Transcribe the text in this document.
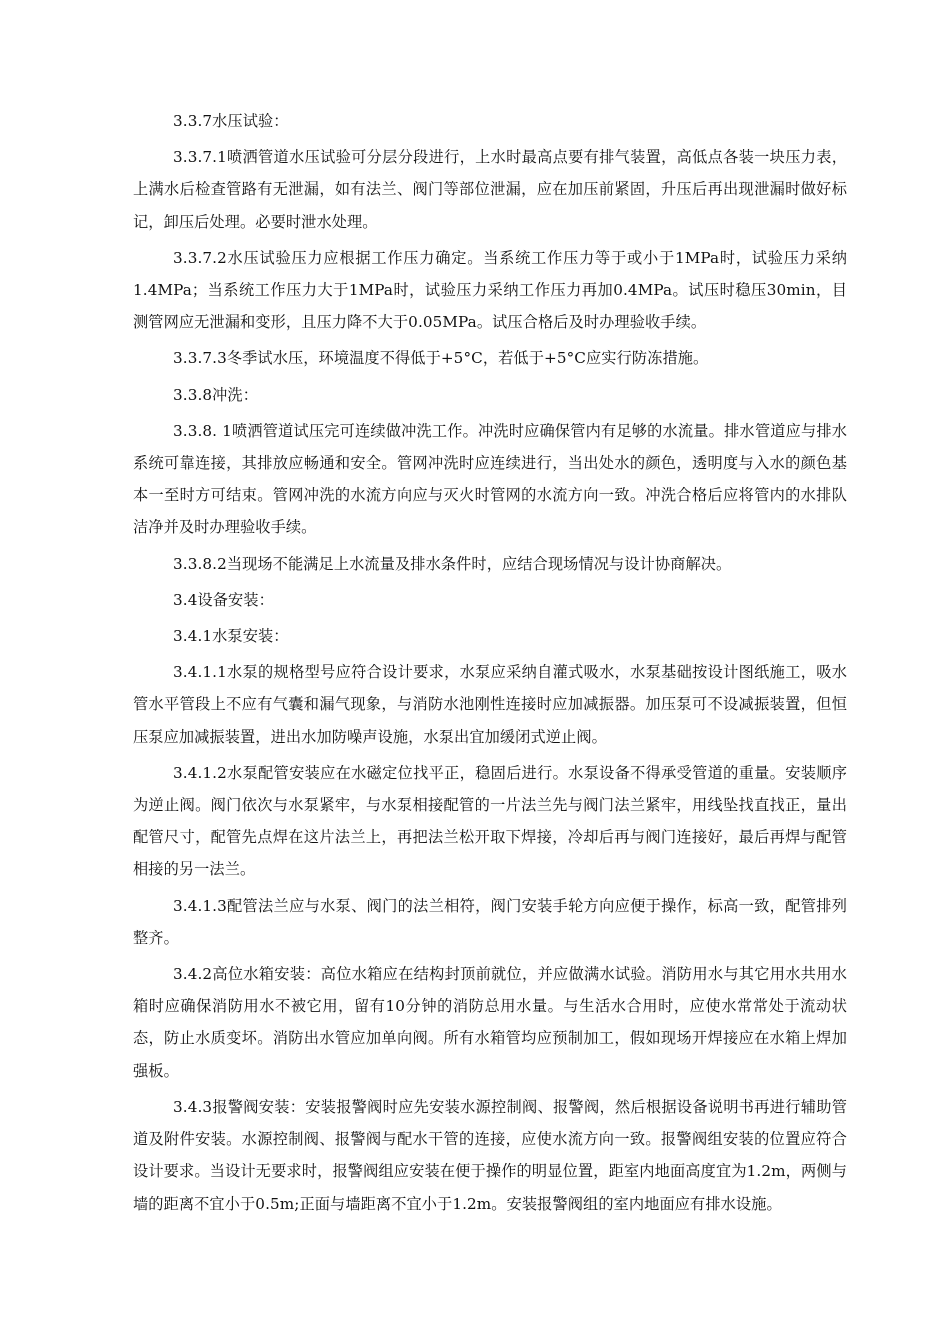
3.3.7水压试验：

3.3.7.1喷洒管道水压试验可分层分段进行，上水时最高点要有排气装置，高低点各装一块压力表，上满水后检查管路有无泄漏，如有法兰、阀门等部位泄漏，应在加压前紧固，升压后再出现泄漏时做好标记，卸压后处理。必要时泄水处理。

3.3.7.2水压试验压力应根据工作压力确定。当系统工作压力等于或小于1MPa时，试验压力采纳1.4MPa；当系统工作压力大于1MPa时，试验压力采纳工作压力再加0.4MPa。试压时稳压30min，目测管网应无泄漏和变形，且压力降不大于0.05MPa。试压合格后及时办理验收手续。

3.3.7.3冬季试水压，环境温度不得低于+5°C，若低于+5°C应实行防冻措施。

3.3.8冲洗：

3.3.8. 1喷洒管道试压完可连续做冲洗工作。冲洗时应确保管内有足够的水流量。排水管道应与排水系统可靠连接，其排放应畅通和安全。管网冲洗时应连续进行，当出处水的颜色，透明度与入水的颜色基本一至时方可结束。管网冲洗的水流方向应与灭火时管网的水流方向一致。冲洗合格后应将管内的水排队洁净并及时办理验收手续。

3.3.8.2当现场不能满足上水流量及排水条件时，应结合现场情况与设计协商解决。

3.4设备安装：

3.4.1水泵安装：

3.4.1.1水泵的规格型号应符合设计要求，水泵应采纳自灌式吸水，水泵基础按设计图纸施工，吸水管水平管段上不应有气囊和漏气现象，与消防水池刚性连接时应加减振器。加压泵可不设减振装置，但恒压泵应加减振装置，进出水加防噪声设施，水泵出宜加缓闭式逆止阀。

3.4.1.2水泵配管安装应在水磁定位找平正，稳固后进行。水泵设备不得承受管道的重量。安装顺序为逆止阀。阀门依次与水泵紧牢，与水泵相接配管的一片法兰先与阀门法兰紧牢，用线坠找直找正，量出配管尺寸，配管先点焊在这片法兰上，再把法兰松开取下焊接，冷却后再与阀门连接好，最后再焊与配管相接的另一法兰。

3.4.1.3配管法兰应与水泵、阀门的法兰相符，阀门安装手轮方向应便于操作，标高一致，配管排列整齐。

3.4.2高位水箱安装：高位水箱应在结构封顶前就位，并应做满水试验。消防用水与其它用水共用水箱时应确保消防用水不被它用，留有10分钟的消防总用水量。与生活水合用时，应使水常常处于流动状态，防止水质变坏。消防出水管应加单向阀。所有水箱管均应预制加工，假如现场开焊接应在水箱上焊加强板。

3.4.3报警阀安装：安装报警阀时应先安装水源控制阀、报警阀，然后根据设备说明书再进行辅助管道及附件安装。水源控制阀、报警阀与配水干管的连接，应使水流方向一致。报警阀组安装的位置应符合设计要求。当设计无要求时，报警阀组应安装在便于操作的明显位置，距室内地面高度宜为1.2m，两侧与墙的距离不宜小于0.5m;正面与墙距离不宜小于1.2m。安装报警阀组的室内地面应有排水设施。
